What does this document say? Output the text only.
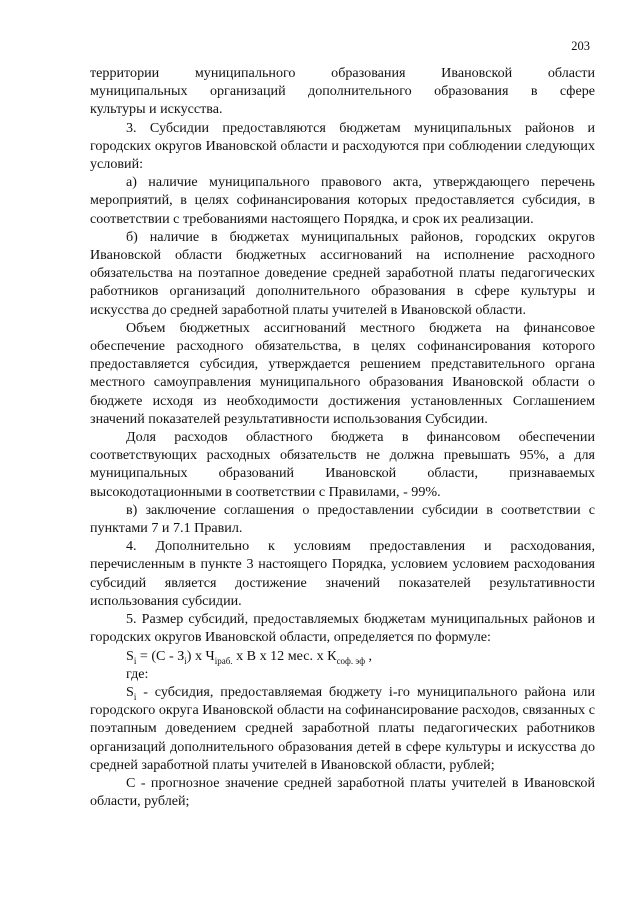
203

территории муниципального образования Ивановской области

муниципальных организаций дополнительного образования в сфере

культуры и искусства.

3. Субсидии предоставляются бюджетам муниципальных районов и городских округов Ивановской области и расходуются при соблюдении следующих условий:

а) наличие муниципального правового акта, утверждающего перечень мероприятий, в целях софинансирования которых предоставляется субсидия, в соответствии с требованиями настоящего Порядка, и срок их реализации.

б) наличие в бюджетах муниципальных районов, городских округов Ивановской области бюджетных ассигнований на исполнение расходного обязательства на поэтапное доведение средней заработной платы педагогических работников организаций дополнительного образования в сфере культуры и искусства до средней заработной платы учителей в Ивановской области.

Объем бюджетных ассигнований местного бюджета на финансовое обеспечение расходного обязательства, в целях софинансирования которого предоставляется субсидия, утверждается решением представительного органа местного самоуправления муниципального образования Ивановской области о бюджете исходя из необходимости достижения установленных Соглашением значений показателей результативности использования Субсидии.

Доля расходов областного бюджета в финансовом обеспечении соответствующих расходных обязательств не должна превышать 95%, а для муниципальных образований Ивановской области, признаваемых высокодотационными в соответствии с Правилами, - 99%.

в) заключение соглашения о предоставлении субсидии в соответствии с пунктами 7 и 7.1 Правил.

4. Дополнительно к условиям предоставления и расходования, перечисленным в пункте 3 настоящего Порядка, условием условием расходования субсидий является достижение значений показателей результативности использования субсидии.

5. Размер субсидий, предоставляемых бюджетам муниципальных районов и городских округов Ивановской области, определяется по формуле:

$S_i = (С - З_i)$ х $Ч_{iраб.}$ х В х 12 мес. х $К_{соф. эф}$ ,

где:

$S_i$ - субсидия, предоставляемая бюджету i-го муниципального района или городского округа Ивановской области на софинансирование расходов, связанных с поэтапным доведением средней заработной платы педагогических работников организаций дополнительного образования детей в сфере культуры и искусства до средней заработной платы учителей в Ивановской области, рублей;

С - прогнозное значение средней заработной платы учителей в Ивановской области, рублей;
